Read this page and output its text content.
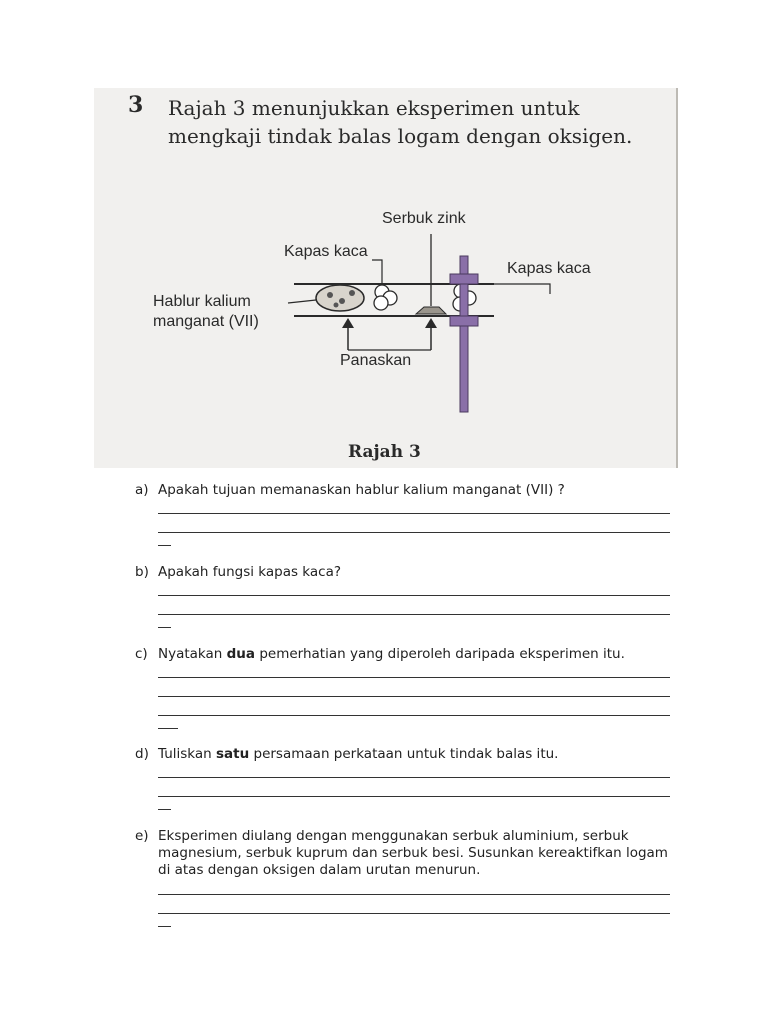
3 Rajah 3 menunjukkan eksperimen untuk mengkaji tindak balas logam dengan oksigen.
Serbuk zink
Kapas kaca
Kapas kaca
Hablur kalium
manganat (VII)
Panaskan
Rajah 3
a) Apakah tujuan memanaskan hablur kalium manganat (VII) ?
b) Apakah fungsi kapas kaca?
c) Nyatakan dua pemerhatian yang diperoleh daripada eksperimen itu.
d) Tuliskan satu persamaan perkataan untuk tindak balas itu.
e) Eksperimen diulang dengan menggunakan serbuk aluminium, serbuk magnesium, serbuk kuprum dan serbuk besi. Susunkan kereaktifkan logam di atas dengan oksigen dalam urutan menurun.
